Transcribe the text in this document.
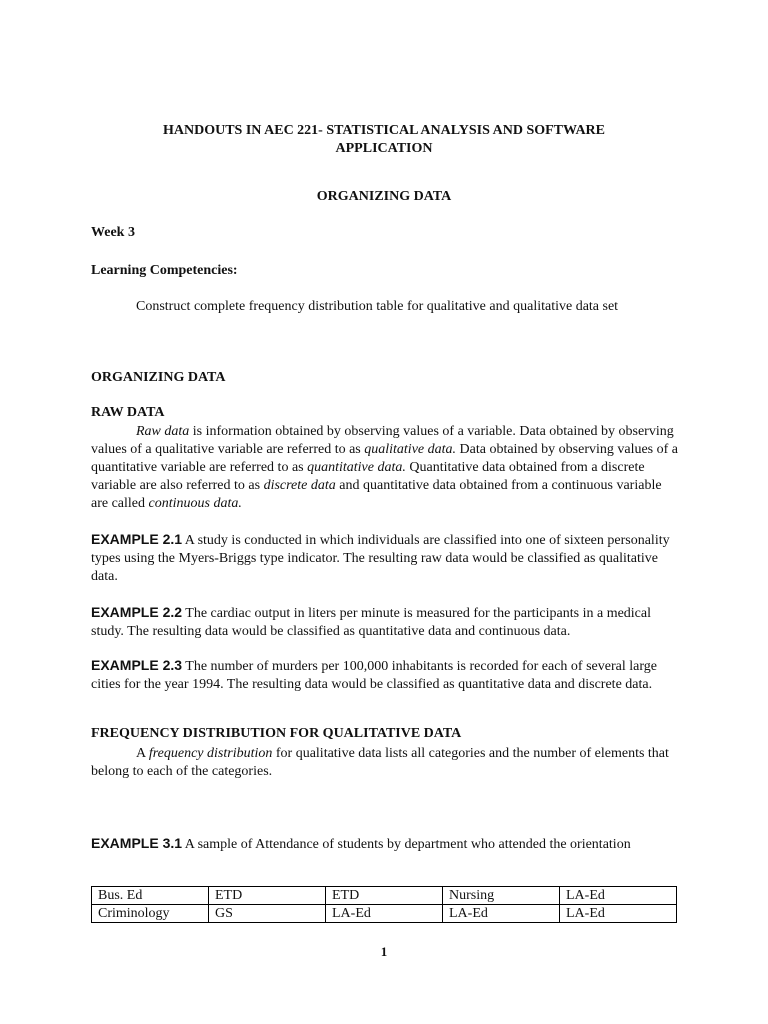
HANDOUTS IN AEC 221- STATISTICAL ANALYSIS AND SOFTWARE
APPLICATION
ORGANIZING DATA
Week 3
Learning Competencies:
Construct complete frequency distribution table for qualitative and qualitative data set
ORGANIZING DATA
RAW DATA
Raw data is information obtained by observing values of a variable. Data obtained by observing values of a qualitative variable are referred to as qualitative data. Data obtained by observing values of a quantitative variable are referred to as quantitative data. Quantitative data obtained from a discrete variable are also referred to as discrete data and quantitative data obtained from a continuous variable are called continuous data.
EXAMPLE 2.1 A study is conducted in which individuals are classified into one of sixteen personality types using the Myers-Briggs type indicator. The resulting raw data would be classified as qualitative data.
EXAMPLE 2.2 The cardiac output in liters per minute is measured for the participants in a medical study. The resulting data would be classified as quantitative data and continuous data.
EXAMPLE 2.3 The number of murders per 100,000 inhabitants is recorded for each of several large cities for the year 1994. The resulting data would be classified as quantitative data and discrete data.
FREQUENCY DISTRIBUTION FOR QUALITATIVE DATA
A frequency distribution for qualitative data lists all categories and the number of elements that belong to each of the categories.
EXAMPLE 3.1 A sample of Attendance of students by department who attended the orientation
Bus. Ed	ETD	ETD	Nursing	LA-Ed
Criminology	GS	LA-Ed	LA-Ed	LA-Ed
1
